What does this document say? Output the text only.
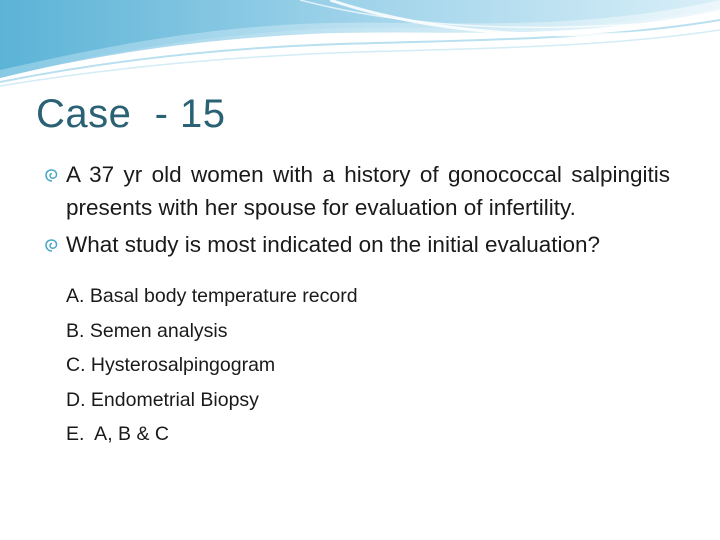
Case  - 15

A 37 yr old women with a history of gonococcal salpingitis presents with her spouse for evaluation of infertility.

What study is most indicated on the initial evaluation?

A. Basal body temperature record

B. Semen analysis

C. Hysterosalpingogram

D. Endometrial Biopsy

E.  A, B & C
